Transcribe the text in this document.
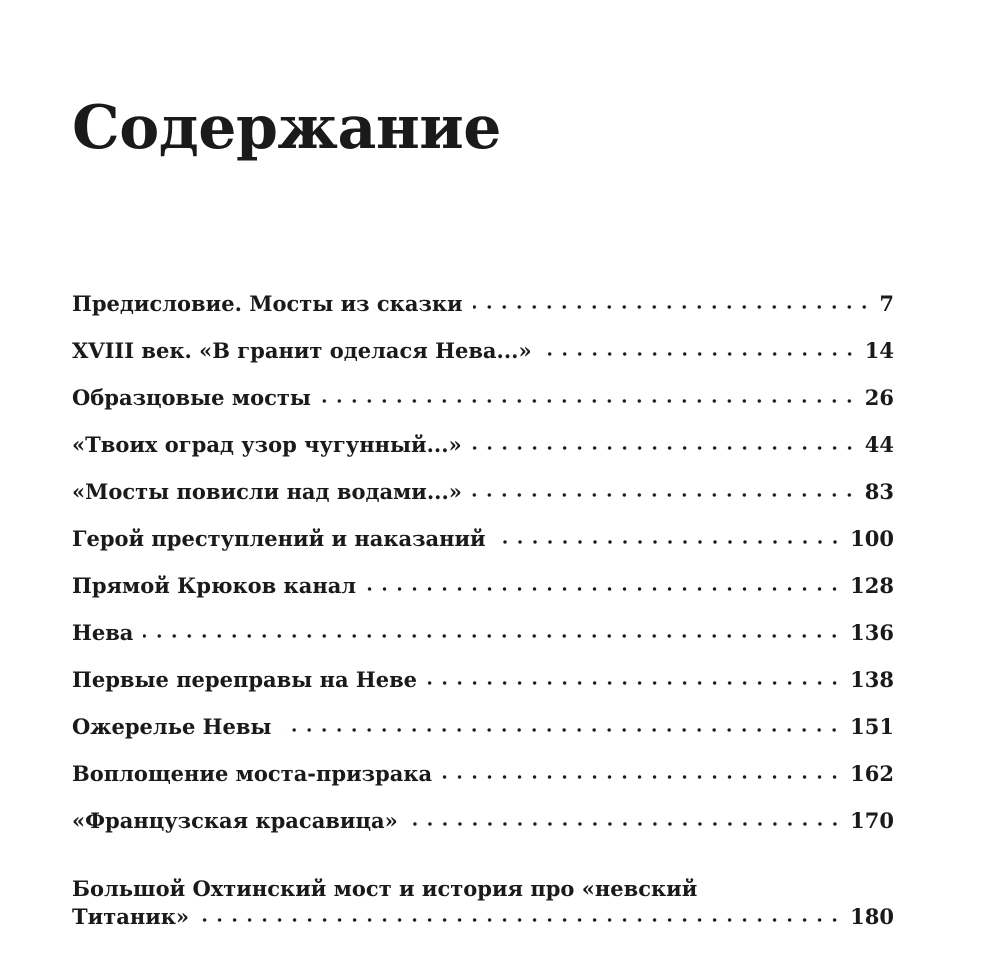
Содержание
Предисловие. Мосты из сказки	7
XVIII век. «В гранит оделася Нева...»	14
Образцовые мосты	26
«Твоих оград узор чугунный...»	44
«Мосты повисли над водами...»	83
Герой преступлений и наказаний	100
Прямой Крюков канал	128
Нева	136
Первые переправы на Неве	138
Ожерелье Невы	151
Воплощение моста-призрака	162
«Французская красавица»	170
Большой Охтинский мост и история про «невский
Титаник»	180
